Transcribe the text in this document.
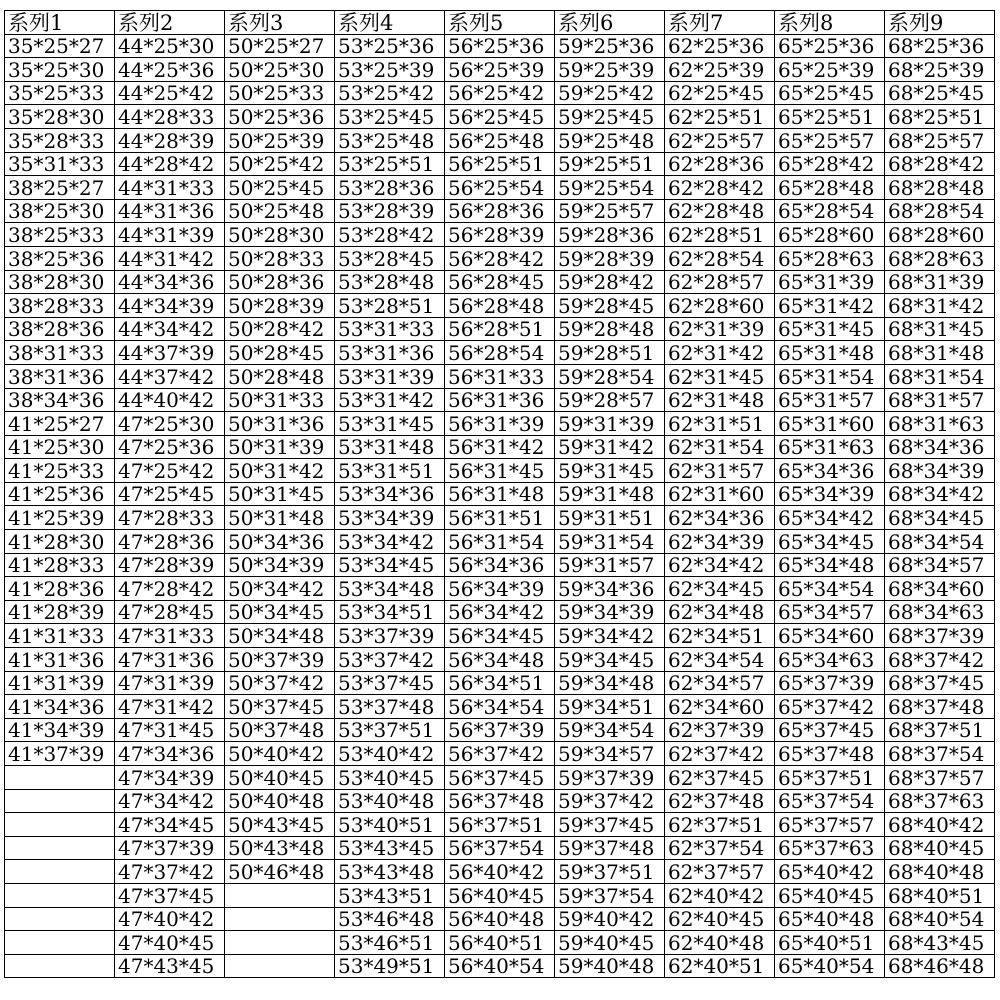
系列1	系列2	系列3	系列4	系列5	系列6	系列7	系列8	系列9
35*25*27	44*25*30	50*25*27	53*25*36	56*25*36	59*25*36	62*25*36	65*25*36	68*25*36
35*25*30	44*25*36	50*25*30	53*25*39	56*25*39	59*25*39	62*25*39	65*25*39	68*25*39
35*25*33	44*25*42	50*25*33	53*25*42	56*25*42	59*25*42	62*25*45	65*25*45	68*25*45
35*28*30	44*28*33	50*25*36	53*25*45	56*25*45	59*25*45	62*25*51	65*25*51	68*25*51
35*28*33	44*28*39	50*25*39	53*25*48	56*25*48	59*25*48	62*25*57	65*25*57	68*25*57
35*31*33	44*28*42	50*25*42	53*25*51	56*25*51	59*25*51	62*28*36	65*28*42	68*28*42
38*25*27	44*31*33	50*25*45	53*28*36	56*25*54	59*25*54	62*28*42	65*28*48	68*28*48
38*25*30	44*31*36	50*25*48	53*28*39	56*28*36	59*25*57	62*28*48	65*28*54	68*28*54
38*25*33	44*31*39	50*28*30	53*28*42	56*28*39	59*28*36	62*28*51	65*28*60	68*28*60
38*25*36	44*31*42	50*28*33	53*28*45	56*28*42	59*28*39	62*28*54	65*28*63	68*28*63
38*28*30	44*34*36	50*28*36	53*28*48	56*28*45	59*28*42	62*28*57	65*31*39	68*31*39
38*28*33	44*34*39	50*28*39	53*28*51	56*28*48	59*28*45	62*28*60	65*31*42	68*31*42
38*28*36	44*34*42	50*28*42	53*31*33	56*28*51	59*28*48	62*31*39	65*31*45	68*31*45
38*31*33	44*37*39	50*28*45	53*31*36	56*28*54	59*28*51	62*31*42	65*31*48	68*31*48
38*31*36	44*37*42	50*28*48	53*31*39	56*31*33	59*28*54	62*31*45	65*31*54	68*31*54
38*34*36	44*40*42	50*31*33	53*31*42	56*31*36	59*28*57	62*31*48	65*31*57	68*31*57
41*25*27	47*25*30	50*31*36	53*31*45	56*31*39	59*31*39	62*31*51	65*31*60	68*31*63
41*25*30	47*25*36	50*31*39	53*31*48	56*31*42	59*31*42	62*31*54	65*31*63	68*34*36
41*25*33	47*25*42	50*31*42	53*31*51	56*31*45	59*31*45	62*31*57	65*34*36	68*34*39
41*25*36	47*25*45	50*31*45	53*34*36	56*31*48	59*31*48	62*31*60	65*34*39	68*34*42
41*25*39	47*28*33	50*31*48	53*34*39	56*31*51	59*31*51	62*34*36	65*34*42	68*34*45
41*28*30	47*28*36	50*34*36	53*34*42	56*31*54	59*31*54	62*34*39	65*34*45	68*34*54
41*28*33	47*28*39	50*34*39	53*34*45	56*34*36	59*31*57	62*34*42	65*34*48	68*34*57
41*28*36	47*28*42	50*34*42	53*34*48	56*34*39	59*34*36	62*34*45	65*34*54	68*34*60
41*28*39	47*28*45	50*34*45	53*34*51	56*34*42	59*34*39	62*34*48	65*34*57	68*34*63
41*31*33	47*31*33	50*34*48	53*37*39	56*34*45	59*34*42	62*34*51	65*34*60	68*37*39
41*31*36	47*31*36	50*37*39	53*37*42	56*34*48	59*34*45	62*34*54	65*34*63	68*37*42
41*31*39	47*31*39	50*37*42	53*37*45	56*34*51	59*34*48	62*34*57	65*37*39	68*37*45
41*34*36	47*31*42	50*37*45	53*37*48	56*34*54	59*34*51	62*34*60	65*37*42	68*37*48
41*34*39	47*31*45	50*37*48	53*37*51	56*37*39	59*34*54	62*37*39	65*37*45	68*37*51
41*37*39	47*34*36	50*40*42	53*40*42	56*37*42	59*34*57	62*37*42	65*37*48	68*37*54
	47*34*39	50*40*45	53*40*45	56*37*45	59*37*39	62*37*45	65*37*51	68*37*57
	47*34*42	50*40*48	53*40*48	56*37*48	59*37*42	62*37*48	65*37*54	68*37*63
	47*34*45	50*43*45	53*40*51	56*37*51	59*37*45	62*37*51	65*37*57	68*40*42
	47*37*39	50*43*48	53*43*45	56*37*54	59*37*48	62*37*54	65*37*63	68*40*45
	47*37*42	50*46*48	53*43*48	56*40*42	59*37*51	62*37*57	65*40*42	68*40*48
	47*37*45		53*43*51	56*40*45	59*37*54	62*40*42	65*40*45	68*40*51
	47*40*42		53*46*48	56*40*48	59*40*42	62*40*45	65*40*48	68*40*54
	47*40*45		53*46*51	56*40*51	59*40*45	62*40*48	65*40*51	68*43*45
	47*43*45		53*49*51	56*40*54	59*40*48	62*40*51	65*40*54	68*46*48
